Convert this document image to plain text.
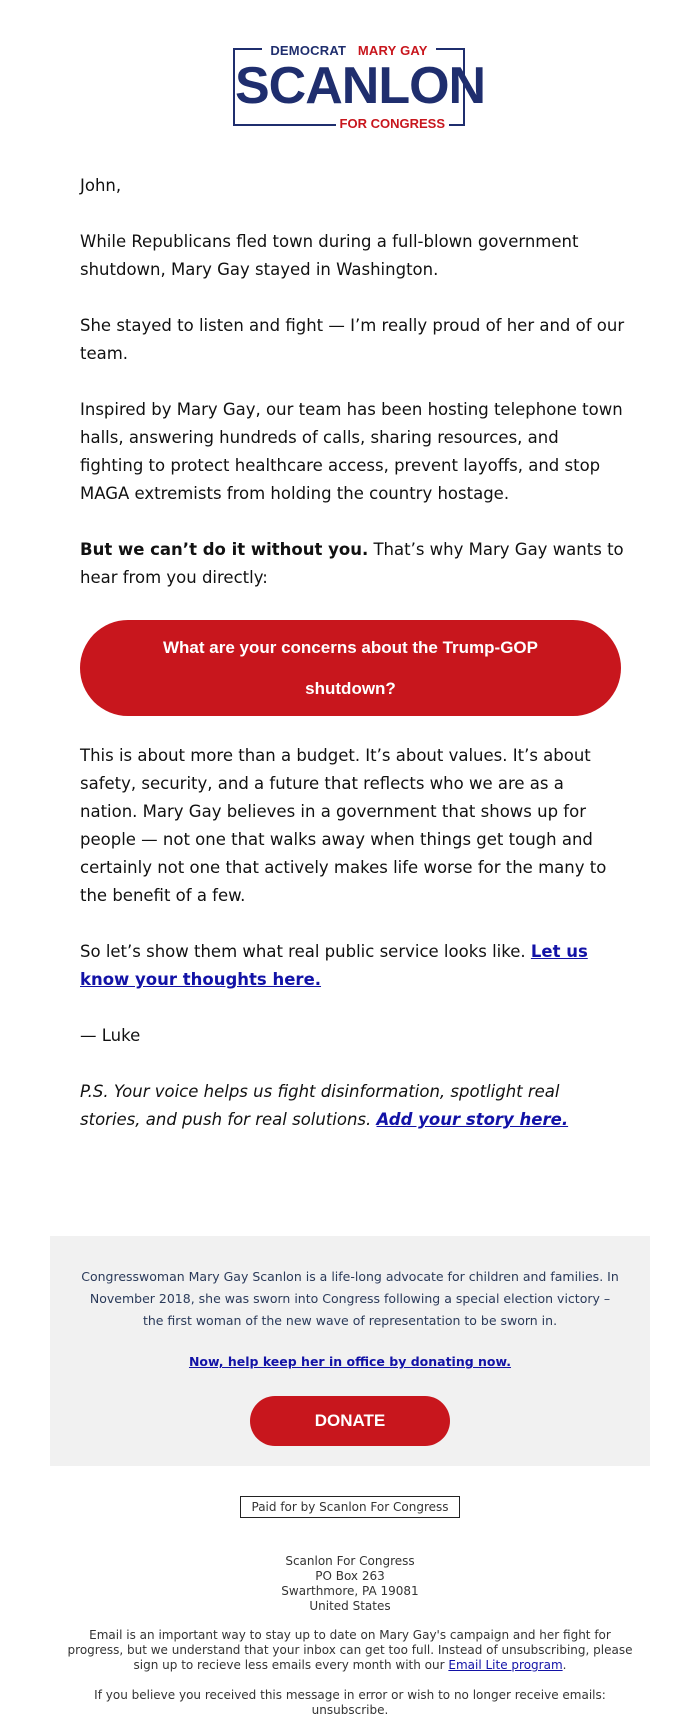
DEMOCRAT MARY GAY
SCANLON
FOR CONGRESS

John,

While Republicans fled town during a full-blown government shutdown, Mary Gay stayed in Washington.

She stayed to listen and fight — I’m really proud of her and of our team.

Inspired by Mary Gay, our team has been hosting telephone town halls, answering hundreds of calls, sharing resources, and fighting to protect healthcare access, prevent layoffs, and stop MAGA extremists from holding the country hostage.

But we can’t do it without you. That’s why Mary Gay wants to hear from you directly:

What are your concerns about the Trump-GOP
shutdown?

This is about more than a budget. It’s about values. It’s about safety, security, and a future that reflects who we are as a nation. Mary Gay believes in a government that shows up for people — not one that walks away when things get tough and certainly not one that actively makes life worse for the many to the benefit of a few.

So let’s show them what real public service looks like. Let us know your thoughts here.

— Luke

P.S. Your voice helps us fight disinformation, spotlight real stories, and push for real solutions. Add your story here.

Congresswoman Mary Gay Scanlon is a life-long advocate for children and families. In November 2018, she was sworn into Congress following a special election victory – the first woman of the new wave of representation to be sworn in.
Now, help keep her in office by donating now.
DONATE
Paid for by Scanlon For Congress
Scanlon For Congress
PO Box 263
Swarthmore, PA 19081
United States
Email is an important way to stay up to date on Mary Gay's campaign and her fight for progress, but we understand that your inbox can get too full. Instead of unsubscribing, please sign up to recieve less emails every month with our Email Lite program.
If you believe you received this message in error or wish to no longer receive emails: unsubscribe.
